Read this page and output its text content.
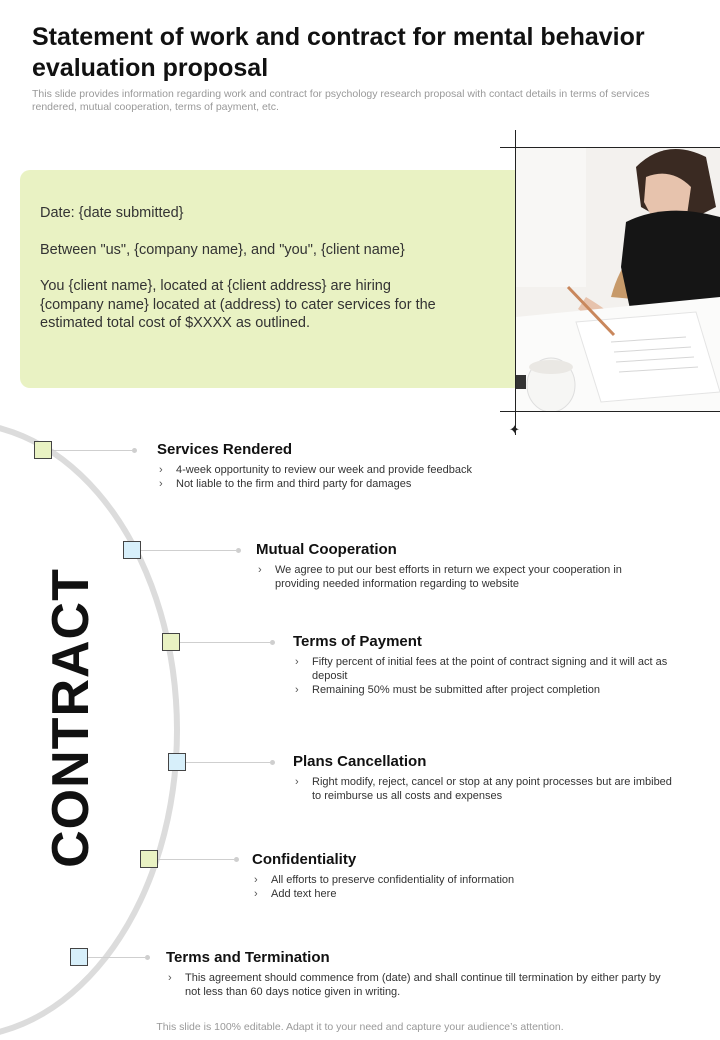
Statement of work and contract for mental behavior evaluation proposal
This slide provides information regarding work and contract for psychology research proposal with contact details in terms of services rendered, mutual cooperation, terms of payment, etc.

Date: {date submitted}

Between "us", {company name}, and "you", {client name}

You {client name}, located at {client address} are hiring {company name} located at (address) to cater services for the estimated total cost of $XXXX as outlined.

✦
CONTRACT
Services Rendered
› 4-week opportunity to review our week and provide feedback
› Not liable to the firm and third party for damages
Mutual Cooperation
› We agree to put our best efforts in return we expect your cooperation in providing needed information regarding to website
Terms of Payment
› Fifty percent of initial fees at the point of contract signing and it will act as deposit
› Remaining 50% must be submitted after project completion
Plans Cancellation
› Right modify, reject, cancel or stop at any point processes but are imbibed to reimburse us all costs and expenses
Confidentiality
› All efforts to preserve confidentiality of information
› Add text here
Terms and Termination
› This agreement should commence from (date) and shall continue till termination by either party by not less than 60 days notice given in writing.
This slide is 100% editable. Adapt it to your need and capture your audience’s attention.
